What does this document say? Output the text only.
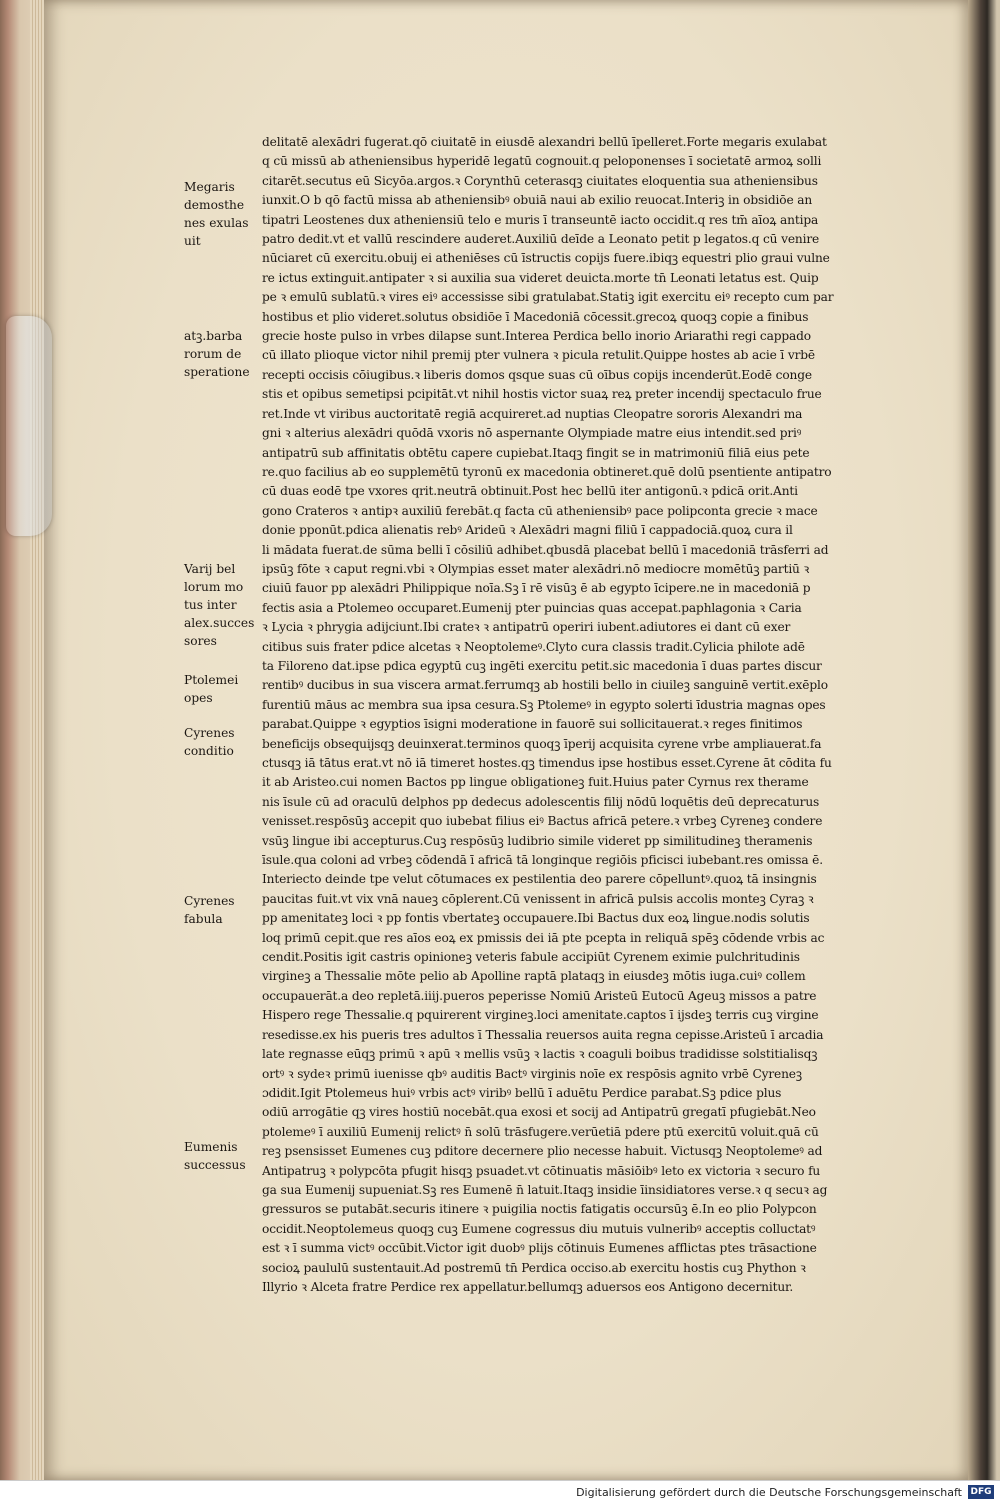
delitatē alexādri fugerat.qō ciuitatē in eiusdē alexandri bellū īpelleret.Forte megaris exulabat
q cū missū ab atheniensibus hyperidē legatū cognouit.q peloponenses ī societatē armoꝝ solli
citarēt.secutus eū Sicyōa.argos.ꝛ Corynthū ceterasqꝫ ciuitates eloquentia sua atheniensibus
iunxit.O b qō factū missa ab atheniensibꝰ obuiā naui ab exilio reuocat.Interiꝫ in obsidiōe an
tipatri Leostenes dux atheniensiū telo e muris ī transeuntē iacto occidit.q res tm̄ aīoꝝ antipa
patro dedit.vt et vallū rescindere auderet.Auxiliū deīde a Leonato petit p legatos.q cū venire
nūciaret cū exercitu.obuij ei atheniēses cū īstructis copijs fuere.ibiqꝫ equestri plio graui vulne
re ictus extinguit.antipater ꝛ si auxilia sua videret deuicta.morte tn̄ Leonati letatus est. Quip
pe ꝛ emulū sublatū.ꝛ vires eiꝰ accessisse sibi gratulabat.Statiꝫ igit exercitu eiꝰ recepto cum par
hostibus et plio videret.solutus obsidiōe ī Macedoniā cōcessit.grecoꝝ quoqꝫ copie a finibus
grecie hoste pulso in vrbes dilapse sunt.Interea Perdica bello inorio Ariarathi regi cappado
cū illato plioque victor nihil premij pter vulnera ꝛ picula retulit.Quippe hostes ab acie ī vrbē
recepti occisis cōiugibus.ꝛ liberis domos qsque suas cū oībus copijs incenderūt.Eodē conge
stis et opibus semetipsi pcipitāt.vt nihil hostis victor suaꝝ reꝝ preter incendij spectaculo frue
ret.Inde vt viribus auctoritatē regiā acquireret.ad nuptias Cleopatre sororis Alexandri ma
gni ꝛ alterius alexādri quōdā vxoris nō aspernante Olympiade matre eius intendit.sed priꝰ
antipatrū sub affinitatis obtētu capere cupiebat.Itaqꝫ fingit se in matrimoniū filiā eius pete
re.quo facilius ab eo supplemētū tyronū ex macedonia obtineret.quē dolū psentiente antipatro
cū duas eodē tpe vxores qrit.neutrā obtinuit.Post hec bellū iter antigonū.ꝛ pdicā orit.Anti
gono Crateros ꝛ antipꝛ auxiliū ferebāt.q facta cū atheniensibꝰ pace polipconta grecie ꝛ mace
donie pponūt.pdica alienatis rebꝰ Arideū ꝛ Alexādri magni filiū ī cappadociā.quoꝝ cura il
li mādata fuerat.de sūma belli ī cōsiliū adhibet.qbusdā placebat bellū ī macedoniā trāsferri ad
ipsūꝫ fōte ꝛ caput regni.vbi ꝛ Olympias esset mater alexādri.nō mediocre momētūꝫ partiū ꝛ
ciuiū fauor pp alexādri Philippique noīa.Sꝫ ī rē visūꝫ ē ab egypto īcipere.ne in macedoniā p
fectis asia a Ptolemeo occuparet.Eumenij pter puincias quas accepat.paphlagonia ꝛ Caria
ꝛ Lycia ꝛ phrygia adijciunt.Ibi crateꝛ ꝛ antipatrū operiri iubent.adiutores ei dant cū exer
citibus suis frater pdice alcetas ꝛ Neoptolemeꝰ.Clyto cura classis tradit.Cylicia philote adē
ta Filoreno dat.ipse pdica egyptū cuꝫ ingēti exercitu petit.sic macedonia ī duas partes discur
rentibꝰ ducibus in sua viscera armat.ferrumqꝫ ab hostili bello in ciuileꝫ sanguinē vertit.exēplo
furentiū māus ac membra sua ipsa cesura.Sꝫ Ptolemeꝰ in egypto solerti īdustria magnas opes
parabat.Quippe ꝛ egyptios īsigni moderatione in fauorē sui sollicitauerat.ꝛ reges finitimos
beneficijs obsequijsqꝫ deuinxerat.terminos quoqꝫ īperij acquisita cyrene vrbe ampliauerat.fa
ctusqꝫ iā tātus erat.vt nō iā timeret hostes.qꝫ timendus ipse hostibus esset.Cyrene āt cōdita fu
it ab Aristeo.cui nomen Bactos pp lingue obligationeꝫ fuit.Huius pater Cyrnus rex therame
nis īsule cū ad oraculū delphos pp dedecus adolescentis filij nōdū loquētis deū deprecaturus
venisset.respōsūꝫ accepit quo iubebat filius eiꝰ Bactus africā petere.ꝛ vrbeꝫ Cyreneꝫ condere
vsūꝫ lingue ibi accepturus.Cuꝫ respōsūꝫ ludibrio simile videret pp similitudineꝫ theramenis
īsule.qua coloni ad vrbeꝫ cōdendā ī africā tā longinque regiōis pficisci iubebant.res omissa ē.
Interiecto deinde tpe velut cōtumaces ex pestilentia deo parere cōpelluntꝰ.quoꝝ tā insingnis
paucitas fuit.vt vix vnā naueꝫ cōplerent.Cū venissent in africā pulsis accolis monteꝫ Cyraꝫ ꝛ
pp amenitateꝫ loci ꝛ pp fontis vbertateꝫ occupauere.Ibi Bactus dux eoꝝ lingue.nodis solutis
loq primū cepit.que res aīos eoꝝ ex pmissis dei iā pte pcepta in reliquā spēꝫ cōdende vrbis ac
cendit.Positis igit castris opinioneꝫ veteris fabule accipiūt Cyrenem eximie pulchritudinis
virgineꝫ a Thessalie mōte pelio ab Apolline raptā plataqꝫ in eiusdeꝫ mōtis iuga.cuiꝰ collem
occupauerāt.a deo repletā.iiij.pueros peperisse Nomiū Aristeū Eutocū Ageuꝫ missos a patre
Hispero rege Thessalie.q pquirerent virgineꝫ.loci amenitate.captos ī ijsdeꝫ terris cuꝫ virgine
resedisse.ex his pueris tres adultos ī Thessalia reuersos auita regna cepisse.Aristeū ī arcadia
late regnasse eūqꝫ primū ꝛ apū ꝛ mellis vsūꝫ ꝛ lactis ꝛ coaguli boibus tradidisse solstitialisqꝫ
ortꝰ ꝛ sydeꝛ primū iuenisse qbꝰ auditis Bactꝰ virginis noīe ex respōsis agnito vrbē Cyreneꝫ
ɔdidit.Igit Ptolemeus huiꝰ vrbis actꝰ viribꝰ bellū ī aduētu Perdice parabat.Sꝫ pdice plus
odiū arrogātie qꝫ vires hostiū nocebāt.qua exosi et socij ad Antipatrū gregatī pfugiebāt.Neo
ptolemeꝰ ī auxiliū Eumenij relictꝰ n̄ solū trāsfugere.verūetiā pdere ptū exercitū voluit.quā cū
reꝫ psensisset Eumenes cuꝫ pditore decernere plio necesse habuit. Victusqꝫ Neoptolemeꝰ ad
Antipatruꝫ ꝛ polypcōta pfugit hisqꝫ psuadet.vt cōtinuatis māsiōibꝰ leto ex victoria ꝛ securo fu
ga sua Eumenij supueniat.Sꝫ res Eumenē n̄ latuit.Itaqꝫ insidie īinsidiatores verse.ꝛ q secuꝛ ag
gressuros se putabāt.securis itinere ꝛ puigilia noctis fatigatis occursūꝫ ē.In eo plio Polypcon
occidit.Neoptolemeus quoqꝫ cuꝫ Eumene cogressus diu mutuis vulneribꝰ acceptis colluctatꝰ
est ꝛ ī summa victꝰ occūbit.Victor igit duobꝰ plijs cōtinuis Eumenes afflictas ptes trāsactione
socioꝝ paululū sustentauit.Ad postremū tn̄ Perdica occiso.ab exercitu hostis cuꝫ Phython ꝛ
Illyrio ꝛ Alceta fratre Perdice rex appellatur.bellumqꝫ aduersos eos Antigono decernitur.
Megaris
demosthe
nes exulas
uit
atꝫ.barba
rorum de
speratione
Varij bel
lorum mo
tus inter
alex.succes
sores
Ptolemei
opes
Cyrenes
conditio
Cyrenes
fabula
Eumenis
successus
Digitalisierung gefördert durch die Deutsche Forschungsgemeinschaft DFG
